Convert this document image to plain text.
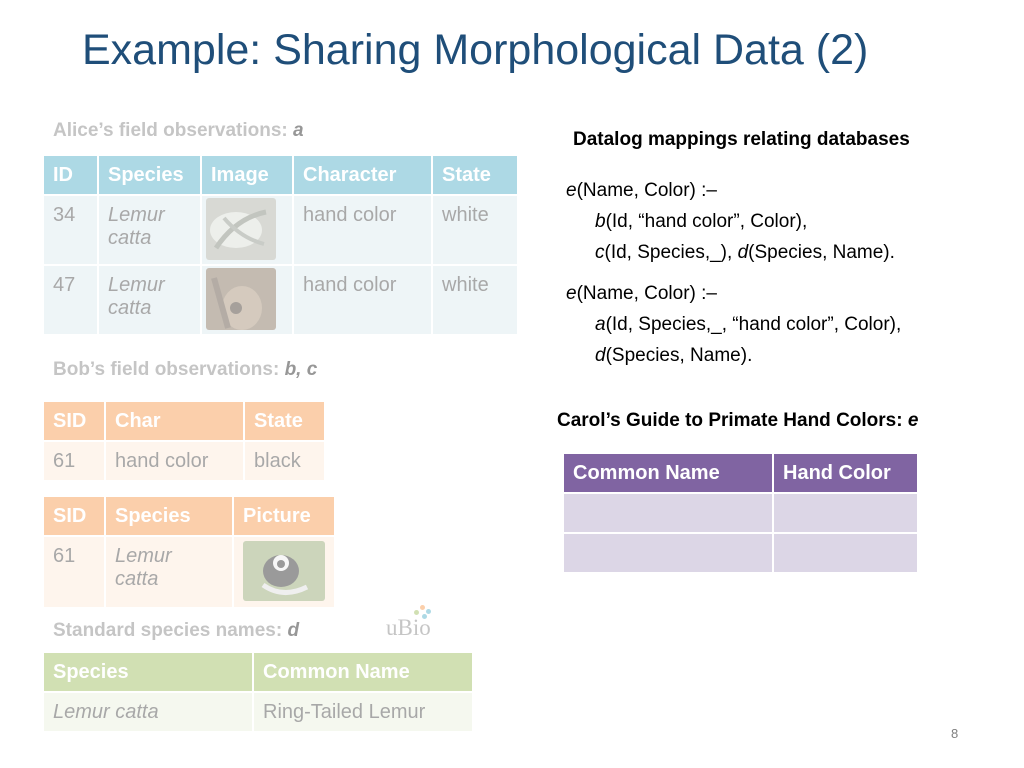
Example: Sharing Morphological Data (2)
Alice’s field observations: a
ID	Species	Image	Character	State
34	Lemur
catta		hand color	white
47	Lemur
catta		hand color	white
Bob’s field observations: b, c
SID	Char	State
61	hand color	black
SID	Species	Picture
61	Lemur
catta	
Standard species names: d	uBio
Species	Common Name
Lemur catta	Ring-Tailed Lemur
Datalog mappings relating databases
e(Name, Color) :–
b(Id, “hand color”, Color),
c(Id, Species,_), d(Species, Name).
e(Name, Color) :–
a(Id, Species,_, “hand color”, Color),
d(Species, Name).
Carol’s Guide to Primate Hand Colors: e
Common Name	Hand Color

8
